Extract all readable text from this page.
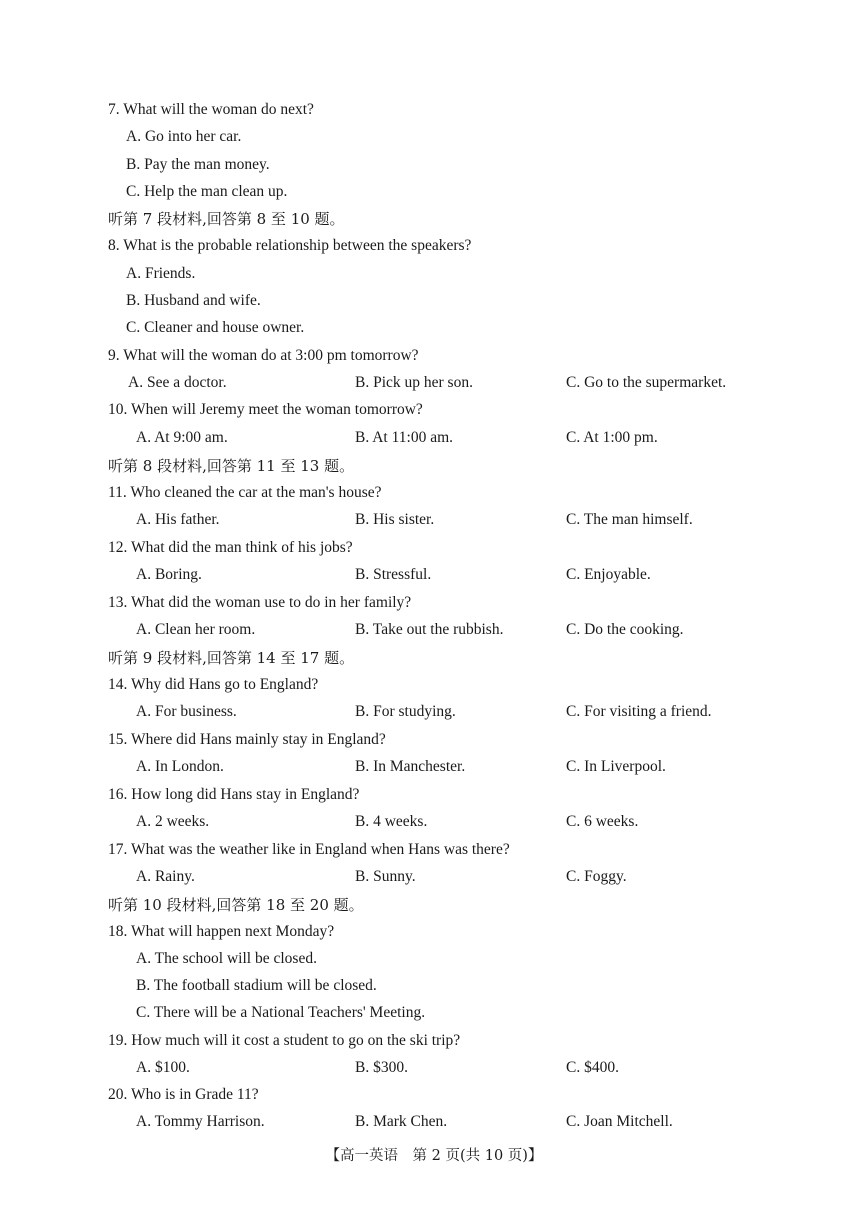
7. What will the woman do next?
A. Go into her car.
B. Pay the man money.
C. Help the man clean up.
听第 7 段材料,回答第 8 至 10 题。
8. What is the probable relationship between the speakers?
A. Friends.
B. Husband and wife.
C. Cleaner and house owner.
9. What will the woman do at 3:00 pm tomorrow?
A. See a doctor.	B. Pick up her son.	C. Go to the supermarket.
10. When will Jeremy meet the woman tomorrow?
A. At 9:00 am.	B. At 11:00 am.	C. At 1:00 pm.
听第 8 段材料,回答第 11 至 13 题。
11. Who cleaned the car at the man's house?
A. His father.	B. His sister.	C. The man himself.
12. What did the man think of his jobs?
A. Boring.	B. Stressful.	C. Enjoyable.
13. What did the woman use to do in her family?
A. Clean her room.	B. Take out the rubbish.	C. Do the cooking.
听第 9 段材料,回答第 14 至 17 题。
14. Why did Hans go to England?
A. For business.	B. For studying.	C. For visiting a friend.
15. Where did Hans mainly stay in England?
A. In London.	B. In Manchester.	C. In Liverpool.
16. How long did Hans stay in England?
A. 2 weeks.	B. 4 weeks.	C. 6 weeks.
17. What was the weather like in England when Hans was there?
A. Rainy.	B. Sunny.	C. Foggy.
听第 10 段材料,回答第 18 至 20 题。
18. What will happen next Monday?
A. The school will be closed.
B. The football stadium will be closed.
C. There will be a National Teachers' Meeting.
19. How much will it cost a student to go on the ski trip?
A. $100.	B. $300.	C. $400.
20. Who is in Grade 11?
A. Tommy Harrison.	B. Mark Chen.	C. Joan Mitchell.
【高一英语　第 2 页(共 10 页)】
